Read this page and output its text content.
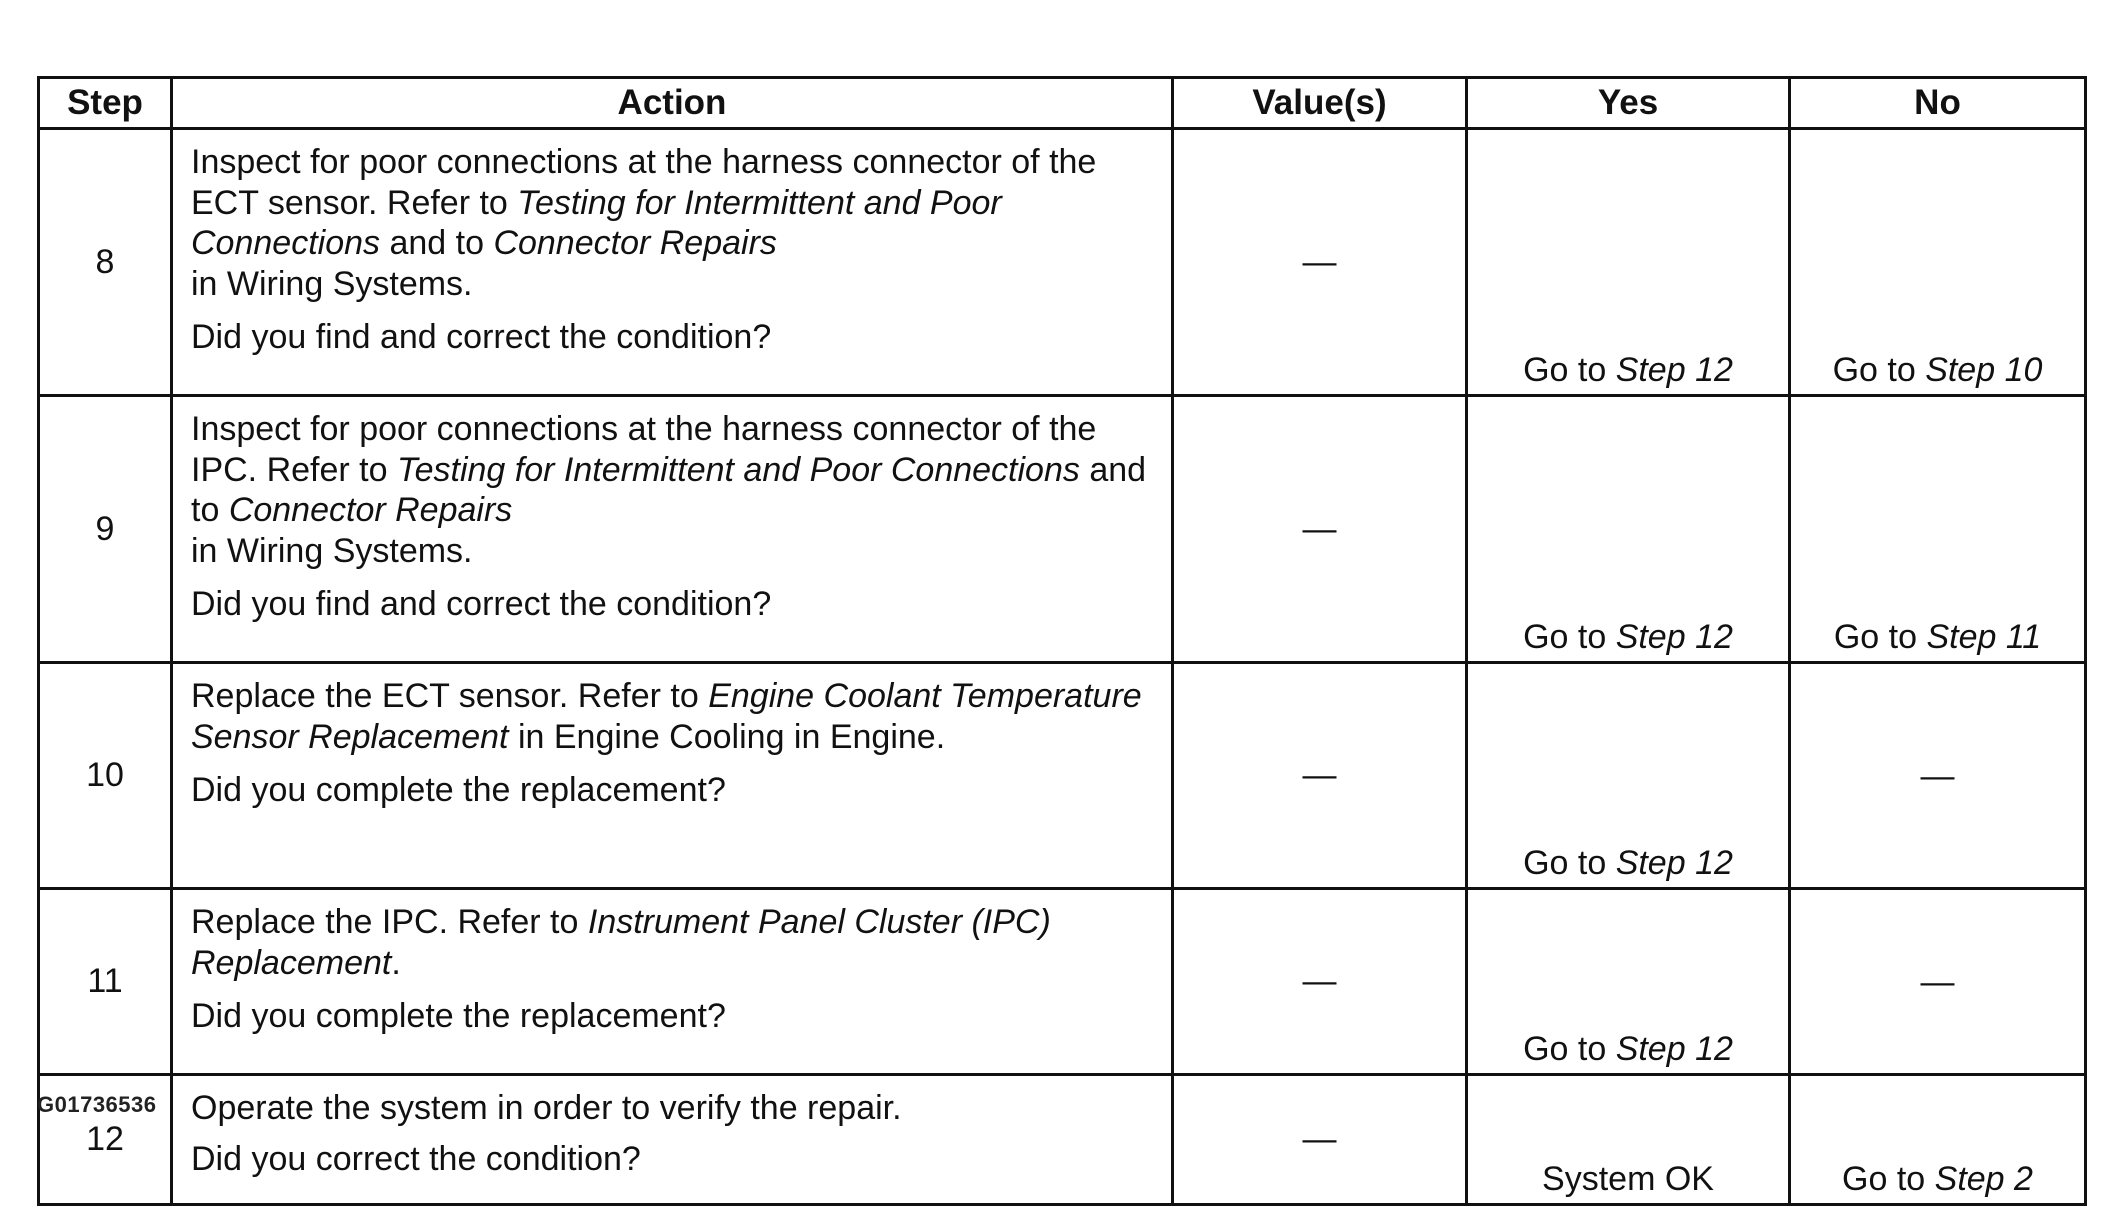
Step	Action	Value(s)	Yes	No
8	Inspect for poor connections at the harness connector of the ECT sensor. Refer to Testing for Intermittent and Poor Connections and to Connector Repairs
in Wiring Systems.

Did you find and correct the condition?	—	Go to Step 12	Go to Step 10
9	Inspect for poor connections at the harness connector of the IPC. Refer to Testing for Intermittent and Poor Connections and to Connector Repairs
in Wiring Systems.

Did you find and correct the condition?	—	Go to Step 12	Go to Step 11
10	Replace the ECT sensor. Refer to Engine Coolant Temperature Sensor Replacement in Engine Cooling in Engine.

Did you complete the replacement?	—	Go to Step 12	—
11	Replace the IPC. Refer to Instrument Panel Cluster (IPC) Replacement.

Did you complete the replacement?	—	Go to Step 12	—
12	Operate the system in order to verify the repair.

Did you correct the condition?	—	System OK	Go to Step 2
G01736536
